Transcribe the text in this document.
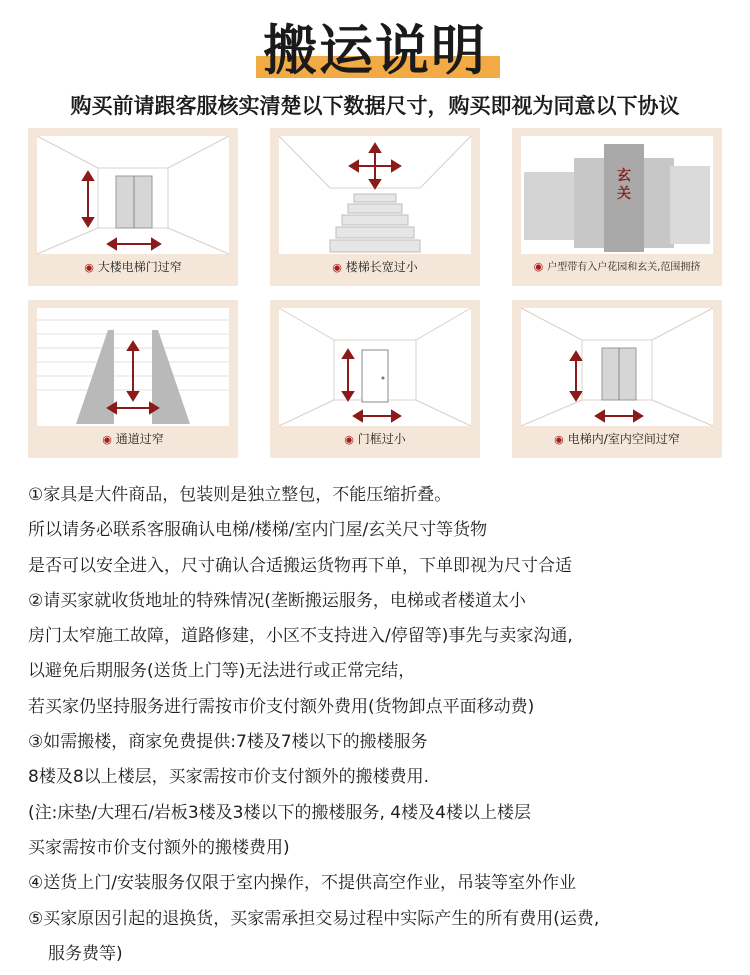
搬运说明
购买前请跟客服核实清楚以下数据尺寸，购买即视为同意以下协议
◉ 大楼电梯门过窄	◉ 楼梯长宽过小
玄关
◉ 户型带有入户花园和玄关,范围拥挤
◉ 通道过窄	◉ 门框过小	◉ 电梯内/室内空间过窄
①家具是大件商品，包装则是独立整包，不能压缩折叠。
所以请务必联系客服确认电梯/楼梯/室内门屋/玄关尺寸等货物
是否可以安全进入，尺寸确认合适搬运货物再下单，下单即视为尺寸合适
②请买家就收货地址的特殊情况(垄断搬运服务，电梯或者楼道太小
房门太窄施工故障，道路修建，小区不支持进入/停留等)事先与卖家沟通,
以避免后期服务(送货上门等)无法进行或正常完结，
若买家仍坚持服务进行需按市价支付额外费用(货物卸点平面移动费)
③如需搬楼，商家免费提供:7楼及7楼以下的搬楼服务
8楼及8以上楼层，买家需按市价支付额外的搬楼费用.
(注:床垫/大理石/岩板3楼及3楼以下的搬楼服务, 4楼及4楼以上楼层
买家需按市价支付额外的搬楼费用)
④送货上门/安装服务仅限于室内操作，不提供高空作业，吊装等室外作业
⑤买家原因引起的退换货，买家需承担交易过程中实际产生的所有费用(运费,
服务费等)
